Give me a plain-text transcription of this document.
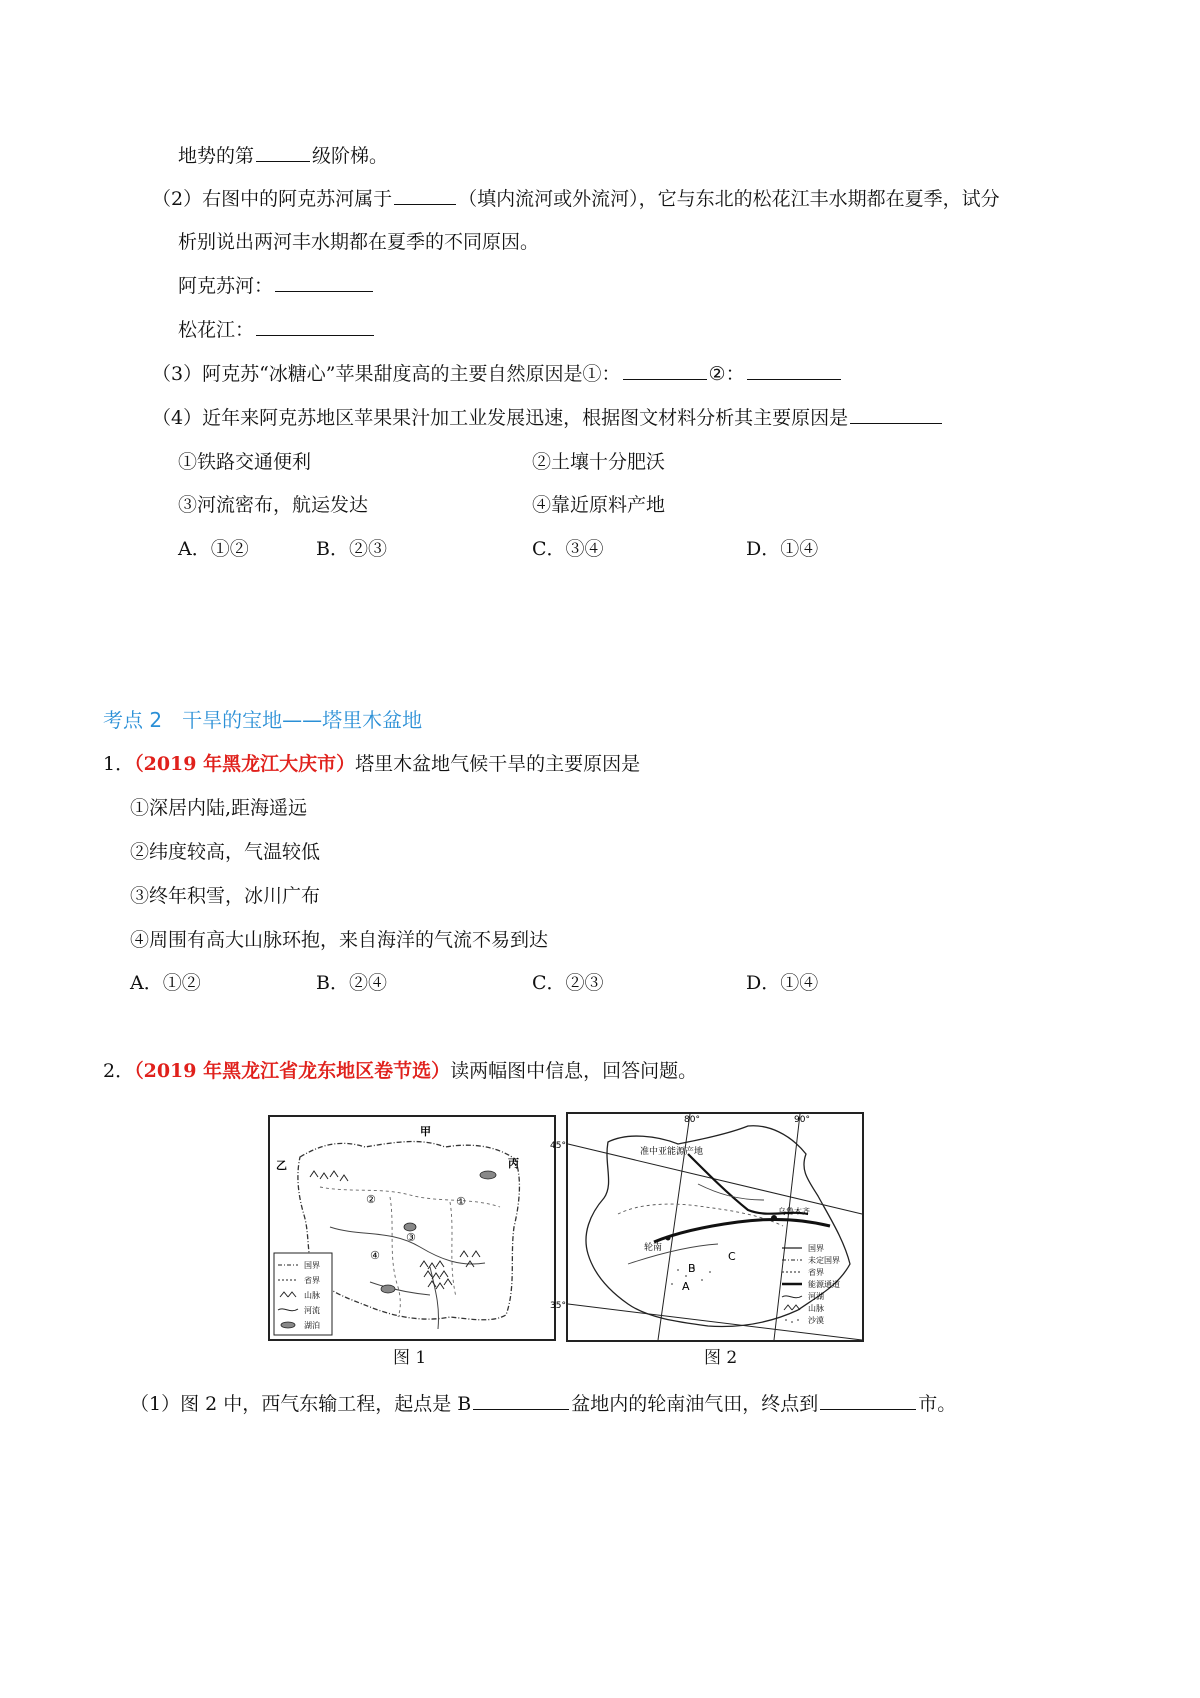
地势的第	级阶梯。
（2）右图中的阿克苏河属于	（填内流河或外流河），它与东北的松花江丰水期都在夏季，试分
析别说出两河丰水期都在夏季的不同原因。
阿克苏河：
松花江：
（3）阿克苏“冰糖心”苹果甜度高的主要自然原因是①：	②：
（4）近年来阿克苏地区苹果果汁加工业发展迅速，根据图文材料分析其主要原因是
①铁路交通便利	②土壤十分肥沃
③河流密布，航运发达	④靠近原料产地
A．①②	B．②③	C．③④	D．①④
考点 2　干旱的宝地——塔里木盆地
1．（2019 年黑龙江大庆市）塔里木盆地气候干旱的主要原因是
①深居内陆,距海遥远
②纬度较高，气温较低
③终年积雪，冰川广布
④周围有高大山脉环抱，来自海洋的气流不易到达
A．①②	B．②④	C．②③	D．①④
2．（2019 年黑龙江省龙东地区卷节选）读两幅图中信息，回答问题。
甲
乙	丙
①
②
③
④
国界
省界
山脉
河流
湖泊
图 1
80°	90°
45°
35°
准中亚能源产地
乌鲁木齐
轮南
A
B
C
国界
未定国界
省界
能源通道
河湖
山脉
沙漠
图 2
（1）图 2 中，西气东输工程，起点是 B	盆地内的轮南油气田，终点到	市。
